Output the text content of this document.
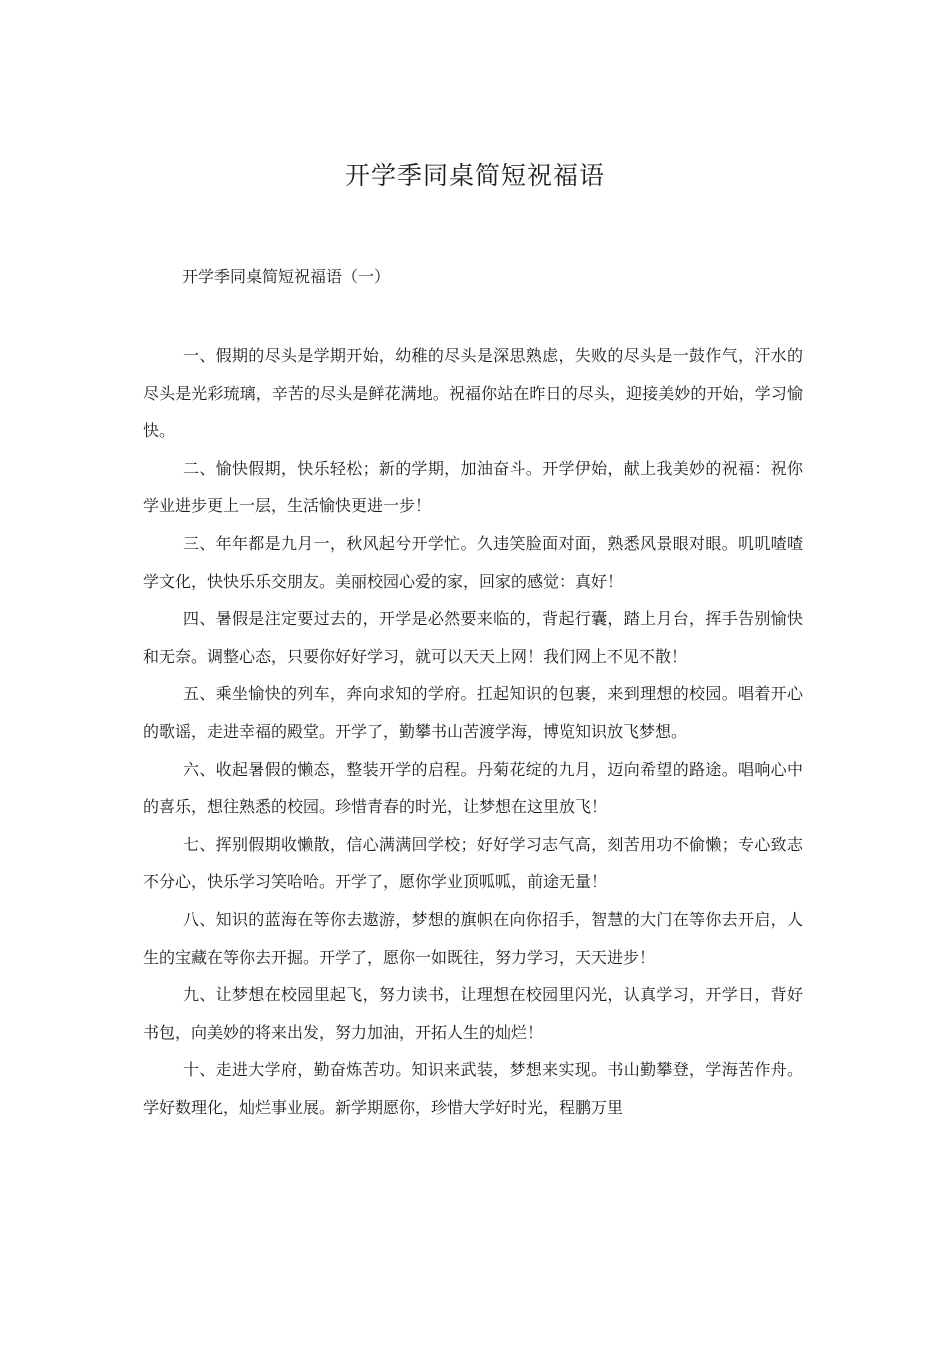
开学季同桌简短祝福语

开学季同桌简短祝福语（一）

一、假期的尽头是学期开始，幼稚的尽头是深思熟虑，失败的尽头是一鼓作气，汗水的尽头是光彩琉璃，辛苦的尽头是鲜花满地。祝福你站在昨日的尽头，迎接美妙的开始，学习愉快。

二、愉快假期，快乐轻松；新的学期，加油奋斗。开学伊始，献上我美妙的祝福：祝你学业进步更上一层，生活愉快更进一步！

三、年年都是九月一，秋风起兮开学忙。久违笑脸面对面，熟悉风景眼对眼。叽叽喳喳学文化，快快乐乐交朋友。美丽校园心爱的家，回家的感觉：真好！

四、暑假是注定要过去的，开学是必然要来临的，背起行囊，踏上月台，挥手告别愉快和无奈。调整心态，只要你好好学习，就可以天天上网！我们网上不见不散！

五、乘坐愉快的列车，奔向求知的学府。扛起知识的包裹，来到理想的校园。唱着开心的歌谣，走进幸福的殿堂。开学了，勤攀书山苦渡学海，博览知识放飞梦想。

六、收起暑假的懒态，整装开学的启程。丹菊花绽的九月，迈向希望的路途。唱响心中的喜乐，想往熟悉的校园。珍惜青春的时光，让梦想在这里放飞！

七、挥别假期收懒散，信心满满回学校；好好学习志气高，刻苦用功不偷懒；专心致志不分心，快乐学习笑哈哈。开学了，愿你学业顶呱呱，前途无量！

八、知识的蓝海在等你去遨游，梦想的旗帜在向你招手，智慧的大门在等你去开启，人生的宝藏在等你去开掘。开学了，愿你一如既往，努力学习，天天进步！

九、让梦想在校园里起飞，努力读书，让理想在校园里闪光，认真学习，开学日，背好书包，向美妙的将来出发，努力加油，开拓人生的灿烂！

十、走进大学府，勤奋炼苦功。知识来武装，梦想来实现。书山勤攀登，学海苦作舟。学好数理化，灿烂事业展。新学期愿你，珍惜大学好时光，程鹏万里
